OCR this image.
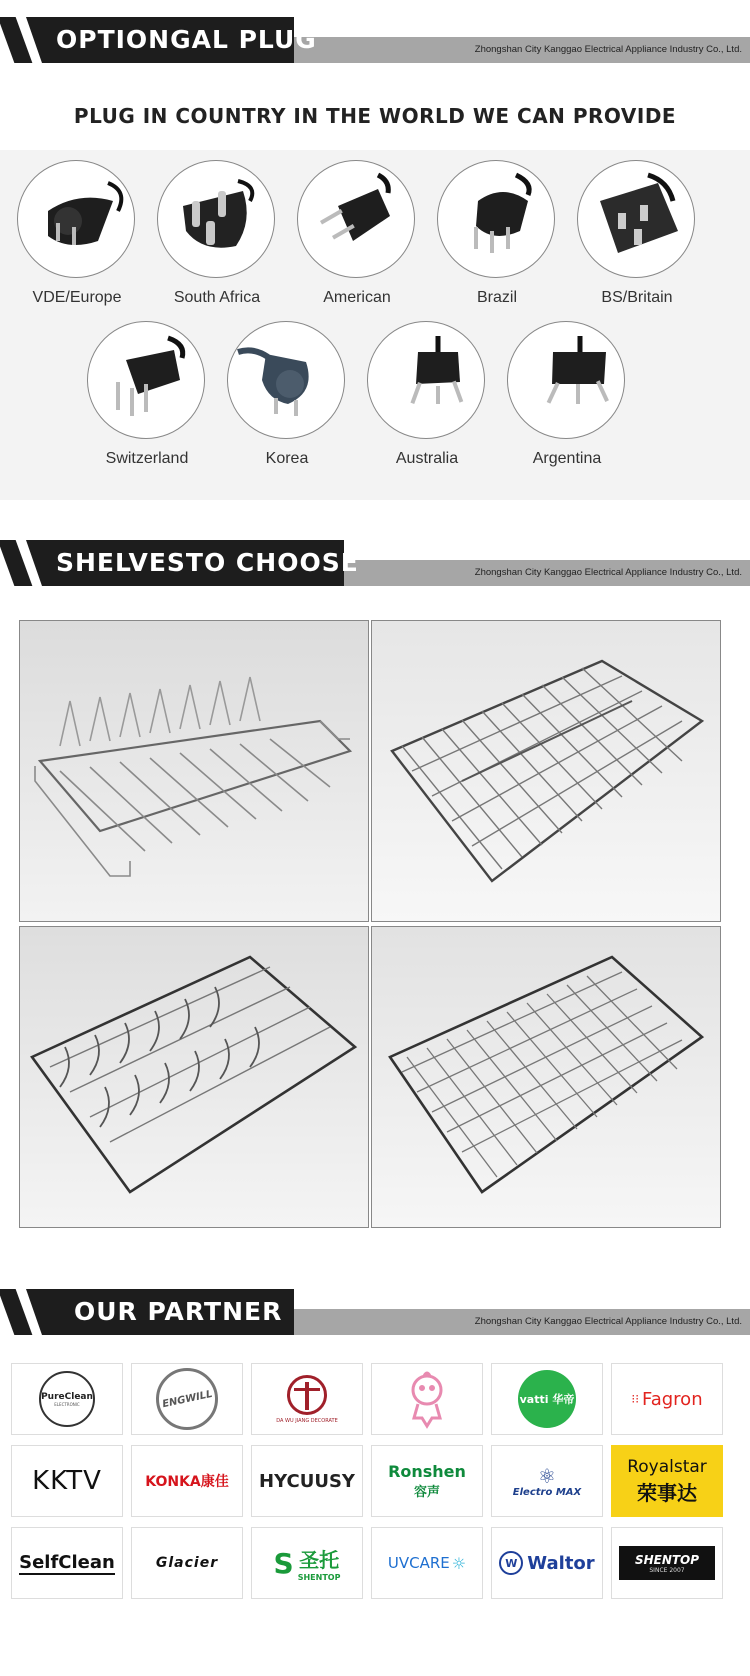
OPTIONGAL PLUG	Zhongshan City Kanggao Electrical Appliance Industry Co., Ltd.
PLUG IN COUNTRY IN THE WORLD WE CAN PROVIDE
VDE/Europe	South Africa	American	Brazil	BS/Britain
Switzerland	Korea	Australia	Argentina
SHELVESTO CHOOSE	Zhongshan City Kanggao Electrical Appliance Industry Co., Ltd.
OUR PARTNER	Zhongshan City Kanggao Electrical Appliance Industry Co., Ltd.
PureClean
ELECTRONIC	ENGWILL
DA WU JIANG DECORATE
vatti 华帝	⁝⁝ Fagron
KKTV	KONKA康佳 HYCUUSY Ronshen
容声
⚛
Electro MAX
Royalstar
荣事达
SelfClean	Glacier S 圣托
SHENTOP
UVCARE ☼	W Waltor	SHENTOP
SINCE 2007
